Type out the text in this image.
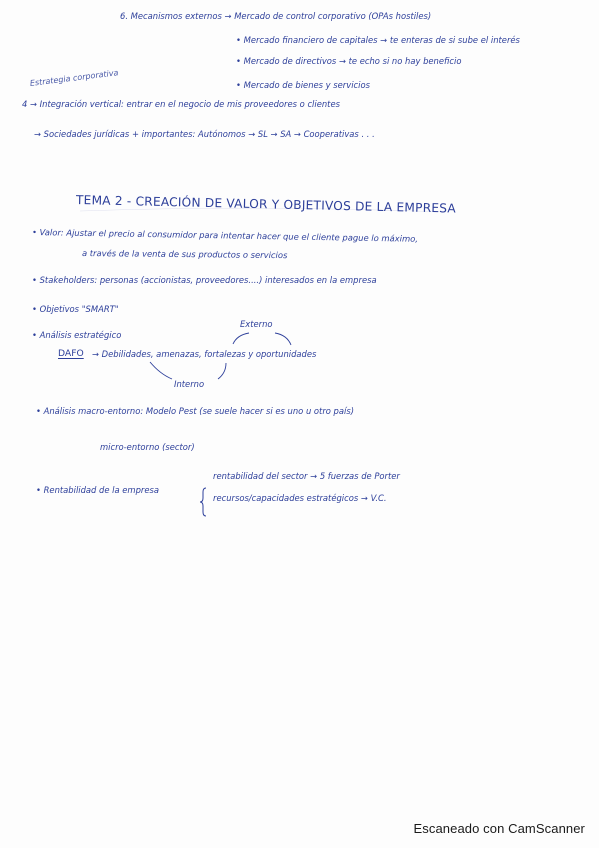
6. Mecanismos externos → Mercado de control corporativo (OPAs hostiles)
• Mercado financiero de capitales → te enteras de si sube el interés
• Mercado de directivos → te echo si no hay beneficio
• Mercado de bienes y servicios
Estrategia corporativa
4 → Integración vertical: entrar en el negocio de mis proveedores o clientes
→ Sociedades jurídicas + importantes: Autónomos → SL → SA → Cooperativas . . .
TEMA 2 - CREACIÓN DE VALOR Y OBJETIVOS DE LA EMPRESA
• Valor: Ajustar el precio al consumidor para intentar hacer que el cliente pague lo máximo,
a través de la venta de sus productos o servicios
• Stakeholders: personas (accionistas, proveedores....) interesados en la empresa
• Objetivos "SMART"
• Análisis estratégico
Externo
DAFO → Debilidades, amenazas, fortalezas y oportunidades
Interno
• Análisis macro-entorno: Modelo Pest (se suele hacer si es uno u otro país)
micro-entorno (sector)
• Rentabilidad de la empresa
rentabilidad del sector → 5 fuerzas de Porter
recursos/capacidades estratégicos → V.C.
Escaneado con CamScanner
